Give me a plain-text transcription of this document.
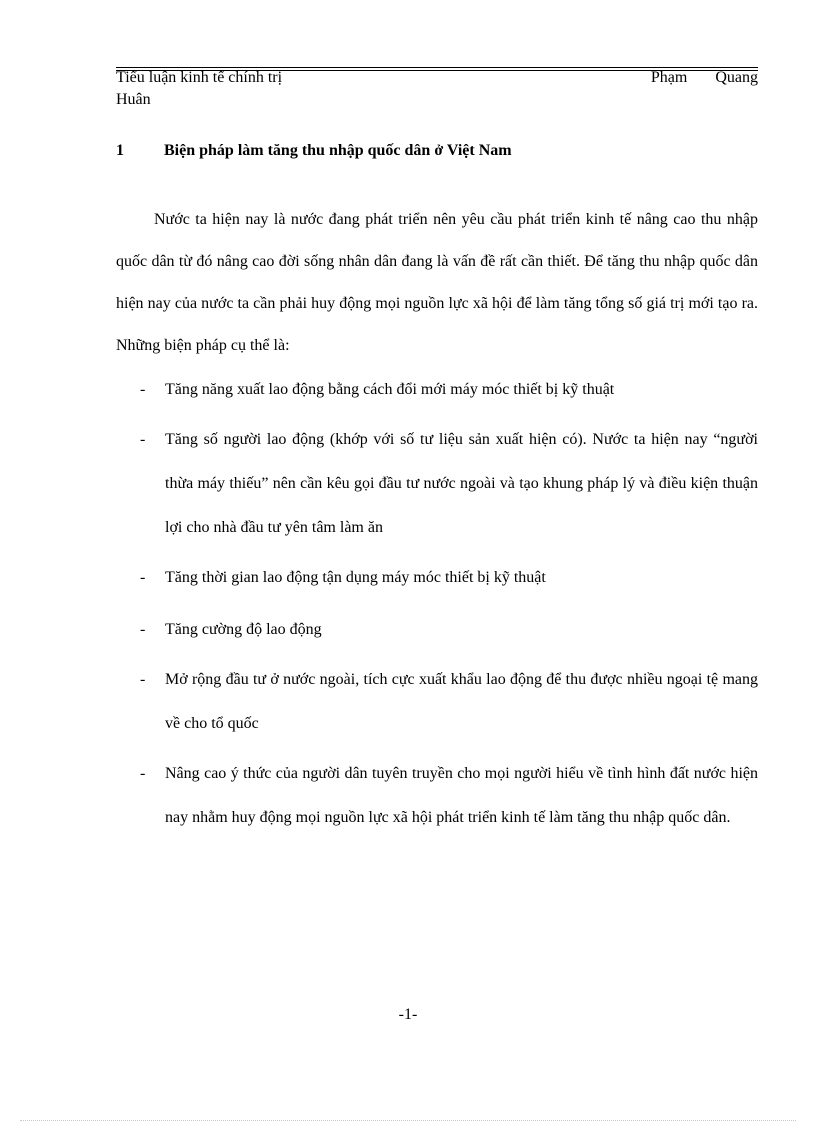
Tiểu luận kinh tế chính trị	Phạm Quang
Huân
1	Biện pháp làm tăng thu nhập quốc dân ở Việt Nam

Nước ta hiện nay là nước đang phát triển nên yêu cầu phát triển kinh tế nâng cao thu nhập quốc dân từ đó nâng cao đời sống nhân dân đang là vấn đề rất cần thiết. Để tăng thu nhập quốc dân hiện nay của nước ta cần phải huy động mọi nguồn lực xã hội để làm tăng tổng số giá trị mới tạo ra. Những biện pháp cụ thể là:

- Tăng năng xuất lao động bằng cách đổi mới máy móc thiết bị kỹ thuật
- Tăng số người lao động (khớp với số tư liệu sản xuất hiện có). Nước ta hiện nay “người thừa máy thiếu” nên cần kêu gọi đầu tư nước ngoài và tạo khung pháp lý và điều kiện thuận lợi cho nhà đầu tư yên tâm làm ăn
- Tăng thời gian lao động tận dụng máy móc thiết bị kỹ thuật
- Tăng cường độ lao động
- Mở rộng đầu tư ở nước ngoài, tích cực xuất khẩu lao động để thu được nhiều ngoại tệ mang về cho tổ quốc
- Nâng cao ý thức của người dân tuyên truyền cho mọi người hiểu về tình hình đất nước hiện nay nhằm huy động mọi nguồn lực xã hội phát triển kinh tế làm tăng thu nhập quốc dân.
-1-
